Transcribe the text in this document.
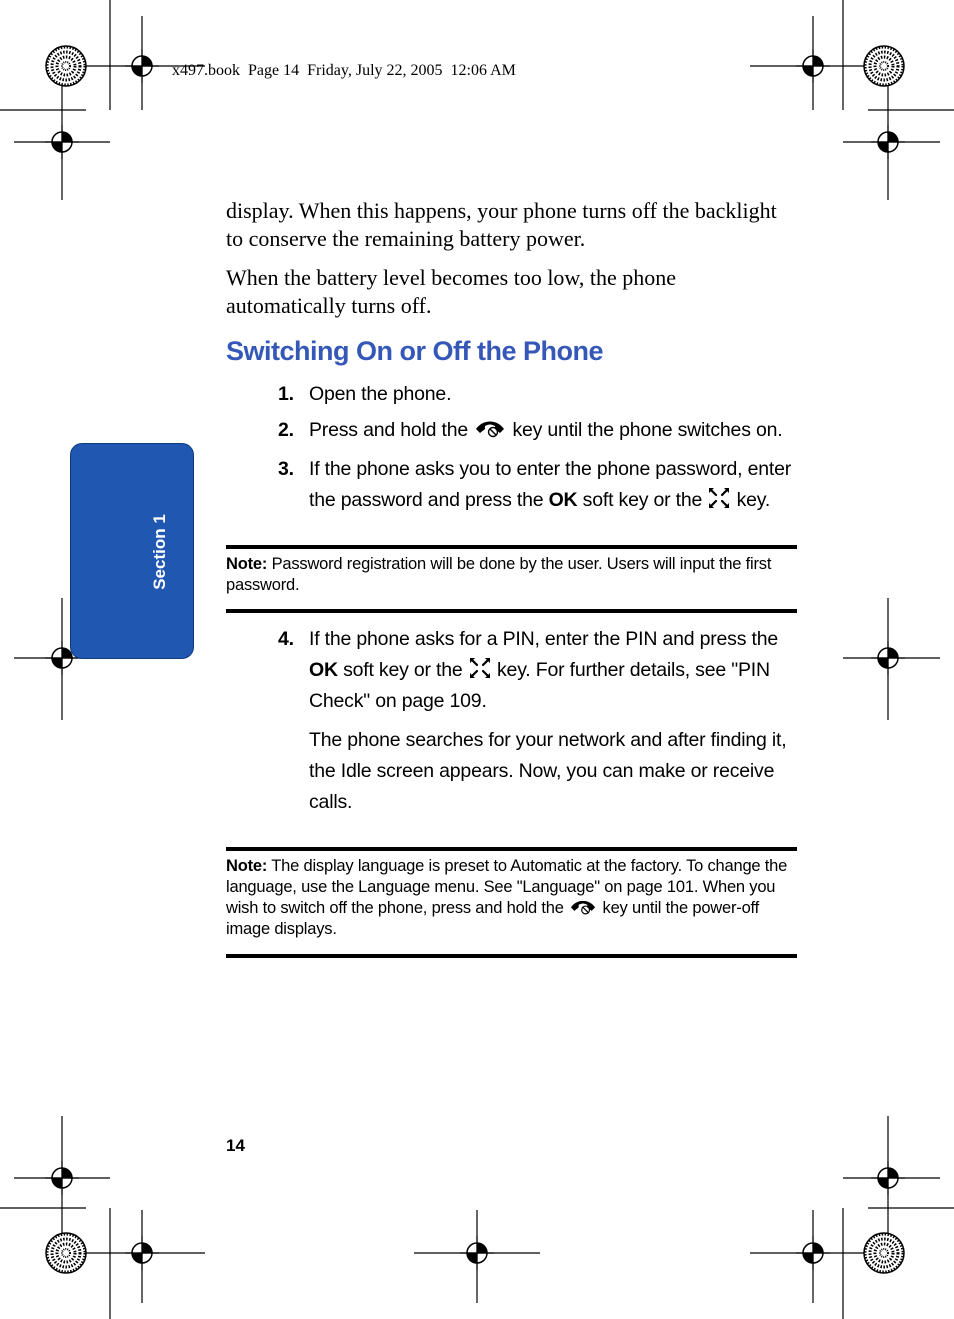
x497.book  Page 14  Friday, July 22, 2005  12:06 AM
Section 1
display. When this happens, your phone turns off the backlight to conserve the remaining battery power.
When the battery level becomes too low, the phone automatically turns off.
Switching On or Off the Phone
1. Open the phone.
2. Press and hold the key until the phone switches on.
3. If the phone asks you to enter the phone password, enter the password and press the OK soft key or the key.
Note: Password registration will be done by the user. Users will input the first password.
4. If the phone asks for a PIN, enter the PIN and press the OK soft key or the key. For further details, see "PIN Check" on page 109.
The phone searches for your network and after finding it, the Idle screen appears. Now, you can make or receive calls.
Note: The display language is preset to Automatic at the factory. To change the language, use the Language menu. See "Language" on page 101. When you wish to switch off the phone, press and hold the key until the power-off image displays.
14
